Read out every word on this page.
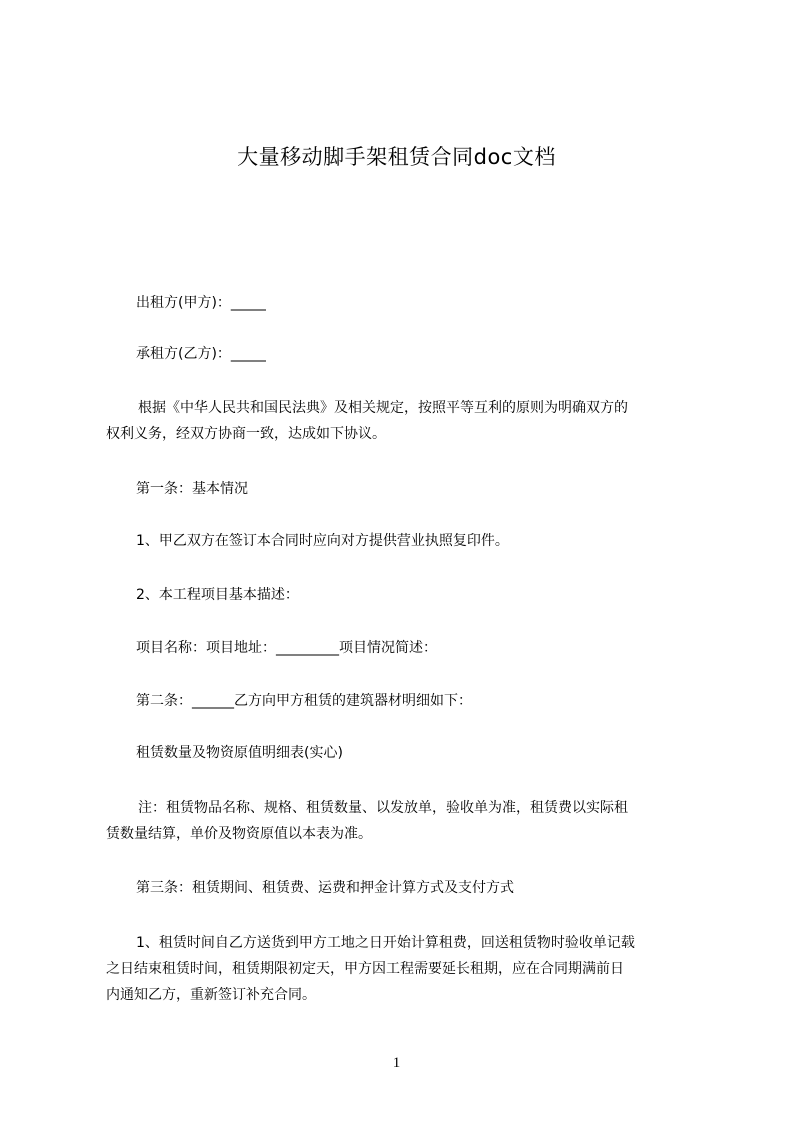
大量移动脚手架租赁合同doc文档
出租方(甲方)：_____
承租方(乙方)：_____
根据《中华人民共和国民法典》及相关规定，按照平等互利的原则为明确双方的
权利义务，经双方协商一致，达成如下协议。
第一条：基本情况
1、甲乙双方在签订本合同时应向对方提供营业执照复印件。
2、本工程项目基本描述：
项目名称：项目地址：_________项目情况简述：
第二条：______乙方向甲方租赁的建筑器材明细如下：
租赁数量及物资原值明细表(实心)
注：租赁物品名称、规格、租赁数量、以发放单，验收单为准，租赁费以实际租
赁数量结算，单价及物资原值以本表为准。
第三条：租赁期间、租赁费、运费和押金计算方式及支付方式
1、租赁时间自乙方送货到甲方工地之日开始计算租费，回送租赁物时验收单记载
之日结束租赁时间，租赁期限初定天，甲方因工程需要延长租期，应在合同期满前日
内通知乙方，重新签订补充合同。
1
